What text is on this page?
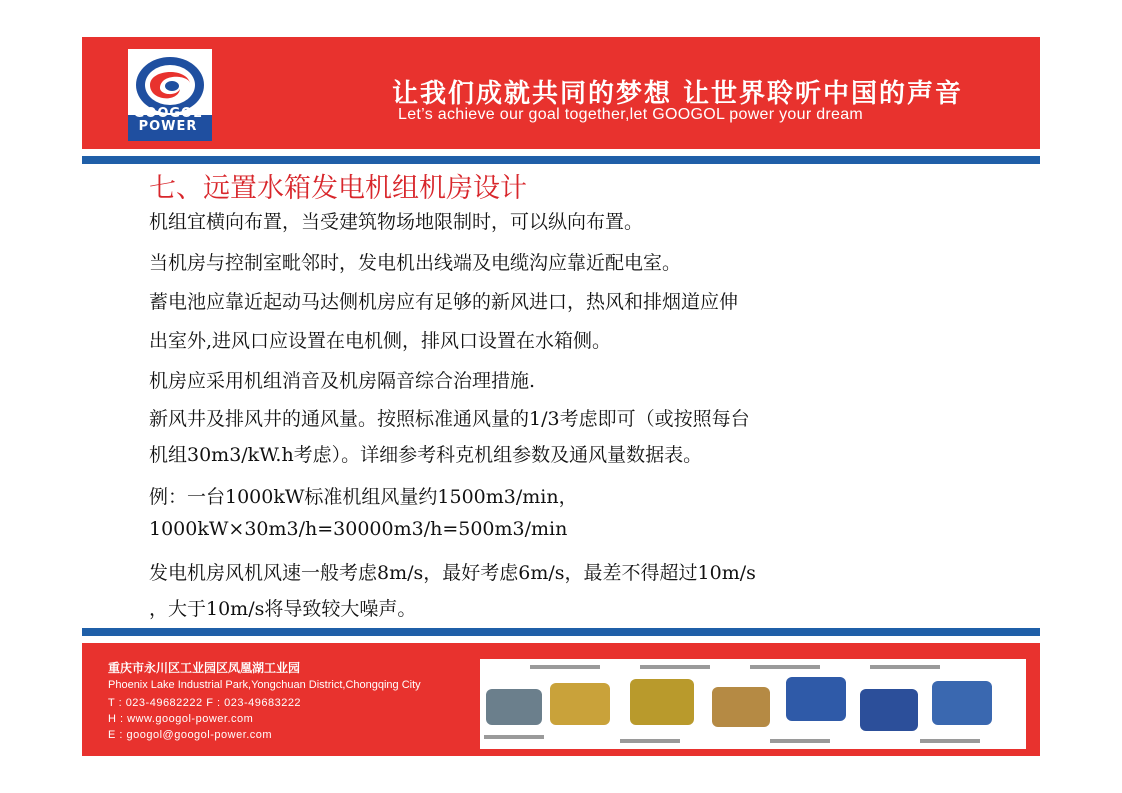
GOOGOL
POWER
让我们成就共同的梦想 让世界聆听中国的声音
Let’s achieve our goal together,let GOOGOL power your dream
七、远置水箱发电机组机房设计
机组宜横向布置，当受建筑物场地限制时，可以纵向布置。
当机房与控制室毗邻时，发电机出线端及电缆沟应靠近配电室。
蓄电池应靠近起动马达侧机房应有足够的新风进口，热风和排烟道应伸
出室外,进风口应设置在电机侧，排风口设置在水箱侧。
机房应采用机组消音及机房隔音综合治理措施.
新风井及排风井的通风量。按照标准通风量的1/3考虑即可（或按照每台
机组30m3/kW.h考虑）。详细参考科克机组参数及通风量数据表。
例：一台1000kW标准机组风量约1500m3/min，
1000kW×30m3/h=30000m3/h=500m3/min
发电机房风机风速一般考虑8m/s，最好考虑6m/s，最差不得超过10m/s
，大于10m/s将导致较大噪声。
重庆市永川区工业园区凤凰湖工业园
Phoenix Lake Industrial Park,Yongchuan District,Chongqing City
T : 023-49682222 F : 023-49683222
H : www.googol-power.com
E : googol@googol-power.com
